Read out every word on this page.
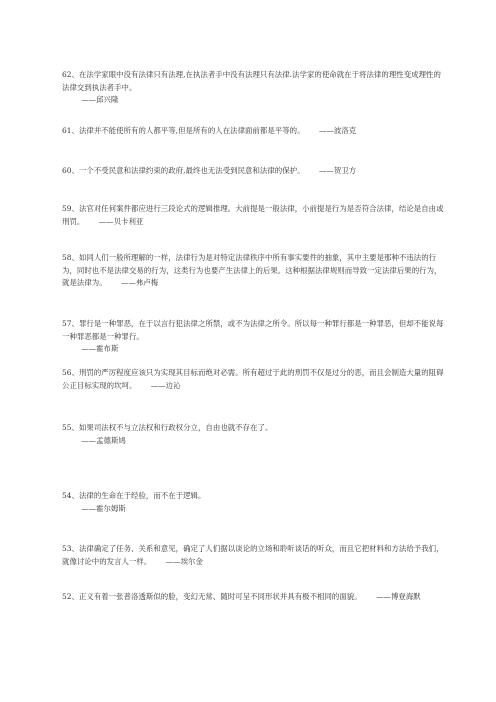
62、在法学家眼中没有法律只有法理,在执法者手中没有法理只有法律.法学家的使命就在于将法律的理性变成理性的法律交到执法者手中。
——邱兴隆
61、法律并不能使所有的人都平等,但是所有的人在法律面前都是平等的。      ——波洛克
60、一个不受民意和法律约束的政府,最终也无法受到民意和法律的保护。      ——贺卫方
59、法官对任何案件都应进行三段论式的逻辑推理。大前提是一般法律，小前提是行为是否符合法律，结论是自由或刑罚。      ——贝卡利亚
58、如同人们一般所理解的一样，法律行为是对特定法律秩序中所有事实要件的抽象，其中主要是那种不违法的行为，同时也不是法律交易的行为，这类行为也要产生法律上的后果。这种根据法律规则而导致一定法律后果的行为，就是法律为。      ——弗卢梅
57、罪行是一种罪恶，在于以言行犯法律之所禁，或不为法律之所令。所以每一种罪行都是一种罪恶，但却不能说每一种罪恶都是一种罪行。
——霍布斯
56、刑罚的严厉程度应该只为实现其目标而绝对必需。所有超过于此的刑罚不仅是过分的恶，而且会制造大量的阻碍公正目标实现的坎坷。      ——边沁
55、如果司法权不与立法权和行政权分立，自由也就不存在了。
——孟德斯鸠
54、法律的生命在于经验，而不在于逻辑。
——霍尔姆斯
53、法律确定了任务、关系和意见，确定了人们据以谈论的立场和聆听谈话的听众，而且它把材料和方法给予我们，就像讨论中的发言人一样。      ——埃尔金
52、正义有着一张普洛透斯似的脸，变幻无常、随时可呈不同形状并具有极不相同的面貌。      ——博登海默
